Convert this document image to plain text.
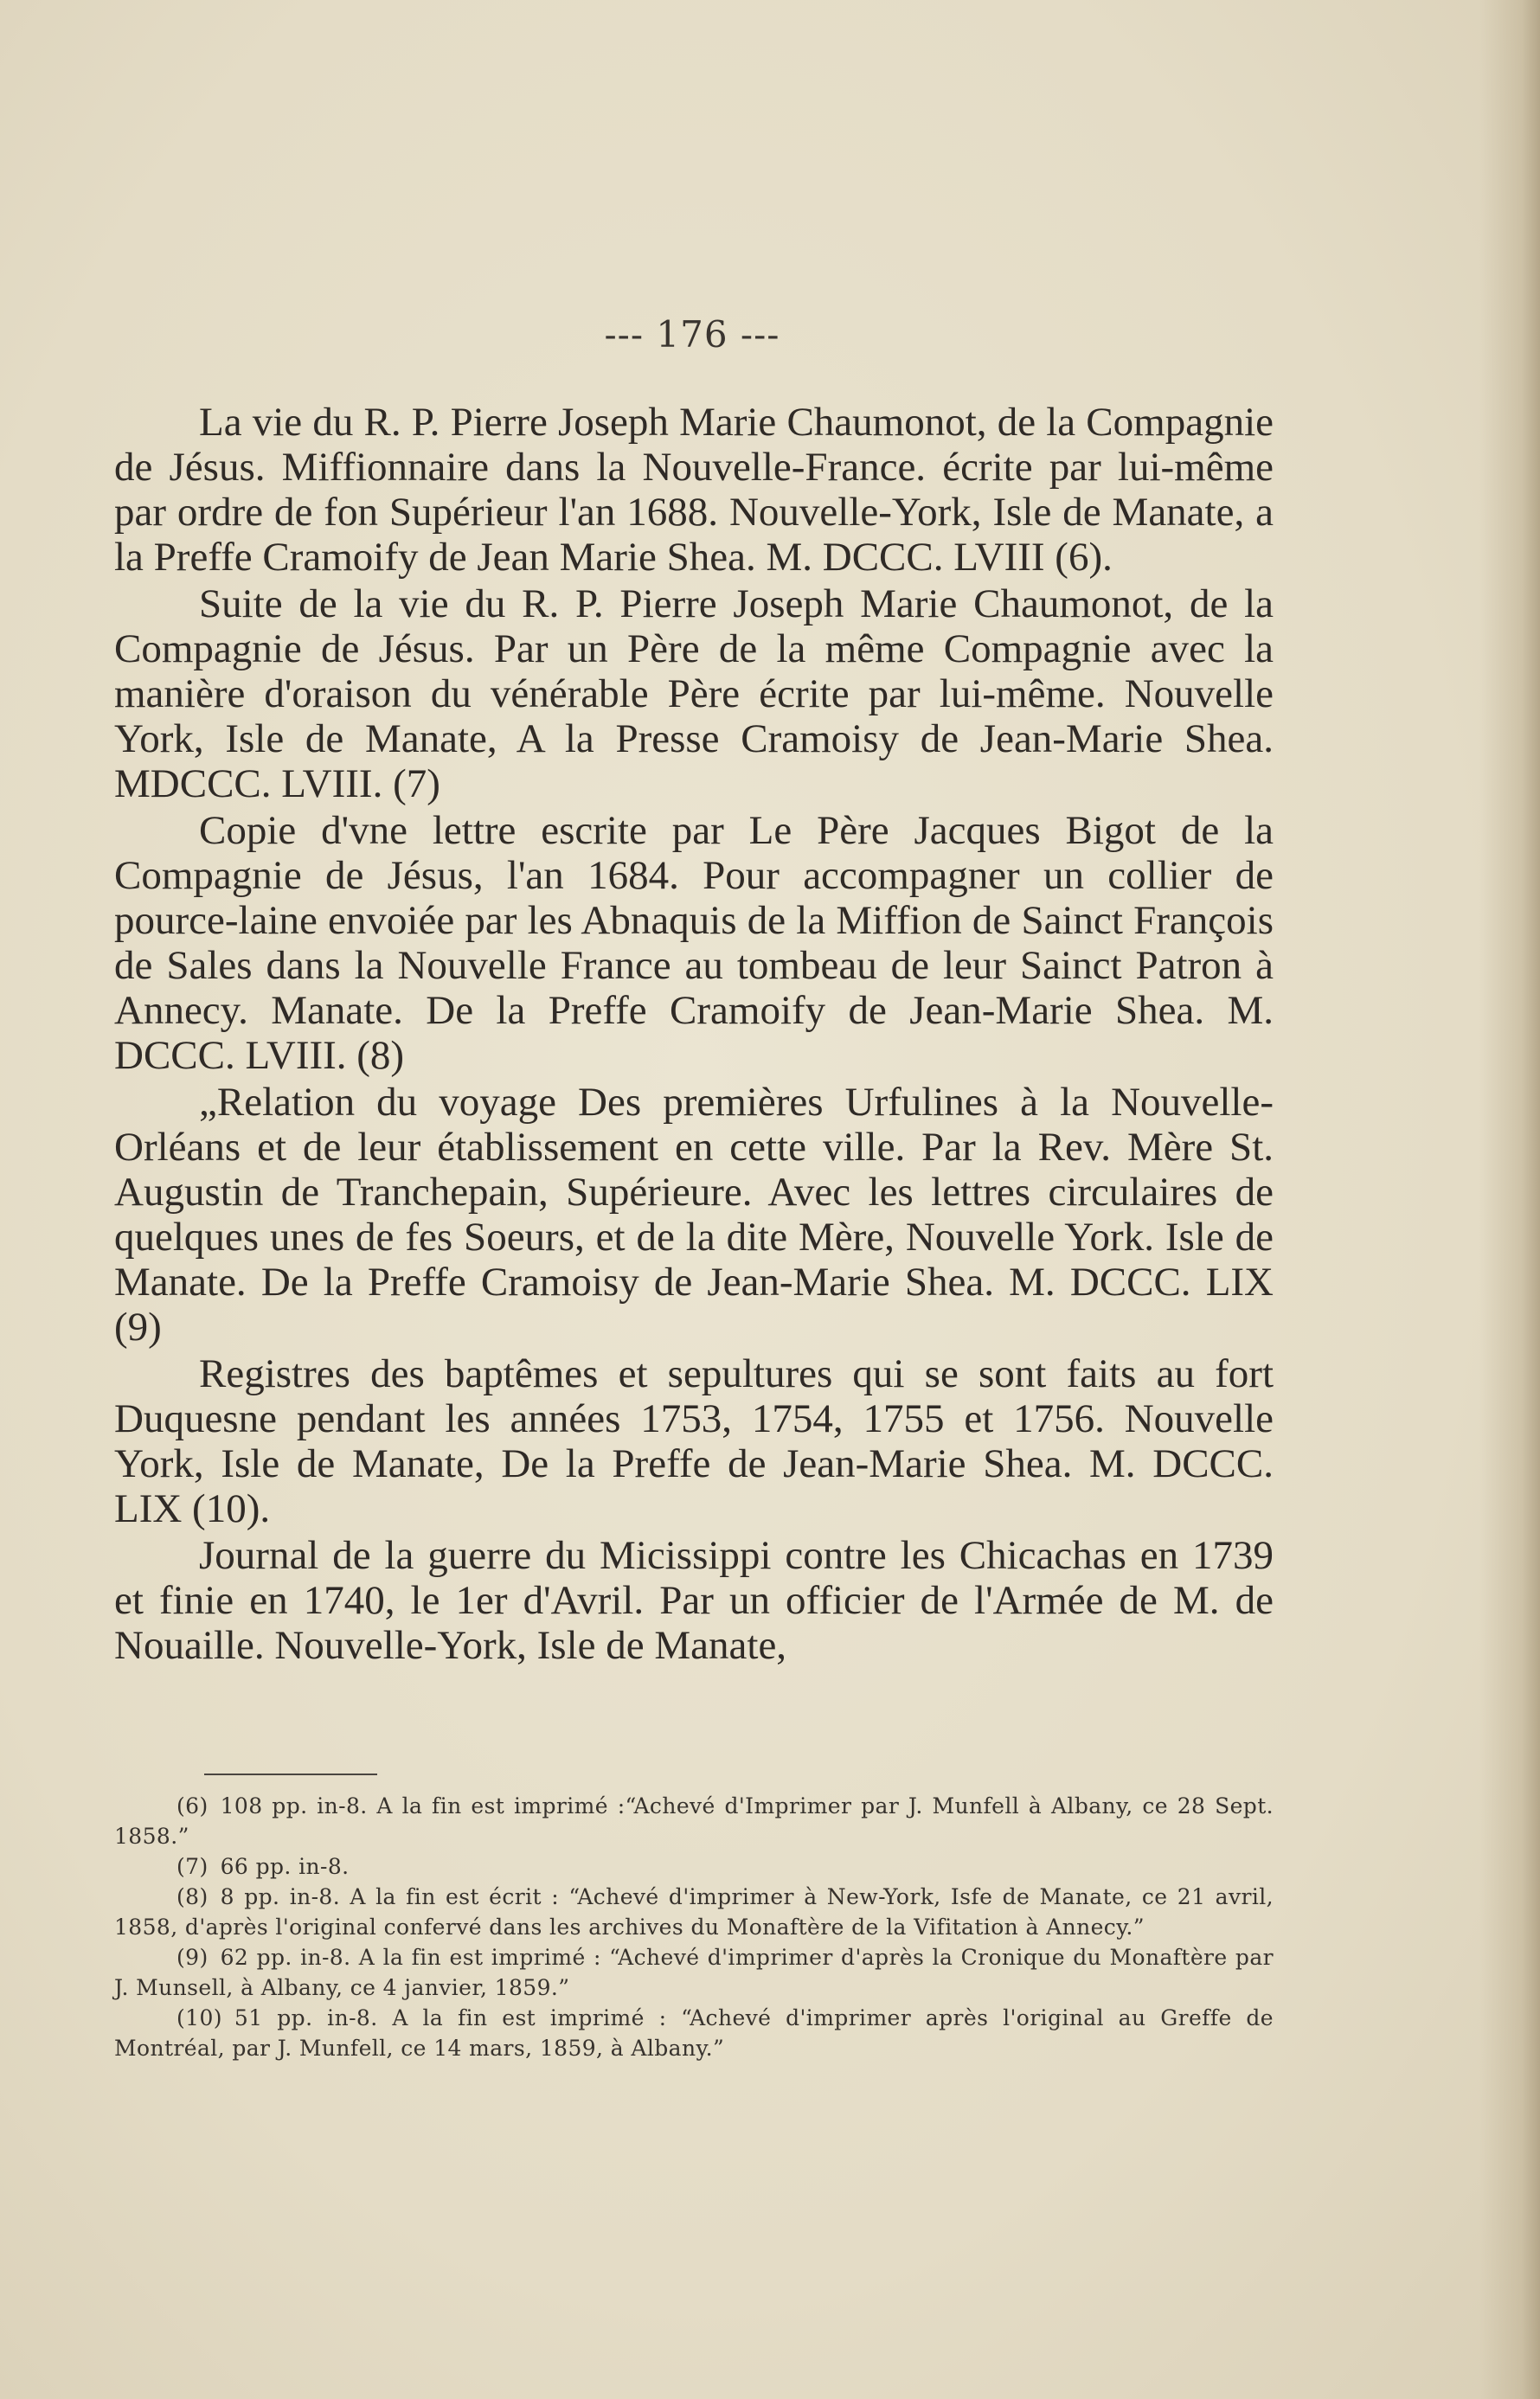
--- 176 ---

La vie du R. P. Pierre Joseph Marie Chaumonot, de la Compagnie de Jésus. Miffionnaire dans la Nouvelle-France. écrite par lui-même par ordre de fon Supérieur l'an 1688. Nouvelle-York, Isle de Manate, a la Preffe Cramoify de Jean Marie Shea. M. DCCC. LVIII (6).

Suite de la vie du R. P. Pierre Joseph Marie Chaumonot, de la Compagnie de Jésus. Par un Père de la même Compagnie avec la manière d'oraison du vénérable Père écrite par lui-même. Nouvelle York, Isle de Manate, A la Presse Cramoisy de Jean-Marie Shea. MDCCC. LVIII. (7)

Copie d'vne lettre escrite par Le Père Jacques Bigot de la Compagnie de Jésus, l'an 1684. Pour accompagner un collier de pource-laine envoiée par les Abnaquis de la Miffion de Sainct François de Sales dans la Nouvelle France au tombeau de leur Sainct Patron à Annecy. Manate. De la Preffe Cramoify de Jean-Marie Shea. M. DCCC. LVIII. (8)

„Relation du voyage Des premières Urfulines à la Nouvelle-Orléans et de leur établissement en cette ville. Par la Rev. Mère St. Augustin de Tranchepain, Supérieure. Avec les lettres circulaires de quelques unes de fes Soeurs, et de la dite Mère, Nouvelle York. Isle de Manate. De la Preffe Cramoisy de Jean-Marie Shea. M. DCCC. LIX (9)

Registres des baptêmes et sepultures qui se sont faits au fort Duquesne pendant les années 1753, 1754, 1755 et 1756. Nouvelle York, Isle de Manate, De la Preffe de Jean-Marie Shea. M. DCCC. LIX (10).

Journal de la guerre du Micissippi contre les Chicachas en 1739 et finie en 1740, le 1er d'Avril. Par un officier de l'Armée de M. de Nouaille. Nouvelle-York, Isle de Manate,

(6) 108 pp. in-8. A la fin est imprimé :“Achevé d'Imprimer par J. Munfell à Albany, ce 28 Sept. 1858.”

(7) 66 pp. in-8.

(8) 8 pp. in-8. A la fin est écrit : “Achevé d'imprimer à New-York, Isfe de Manate, ce 21 avril, 1858, d'après l'original confervé dans les archives du Monaftère de la Vifitation à Annecy.”

(9) 62 pp. in-8. A la fin est imprimé : “Achevé d'imprimer d'après la Cronique du Monaftère par J. Munsell, à Albany, ce 4 janvier, 1859.”

(10) 51 pp. in-8. A la fin est imprimé : “Achevé d'imprimer après l'original au Greffe de Montréal, par J. Munfell, ce 14 mars, 1859, à Albany.”
